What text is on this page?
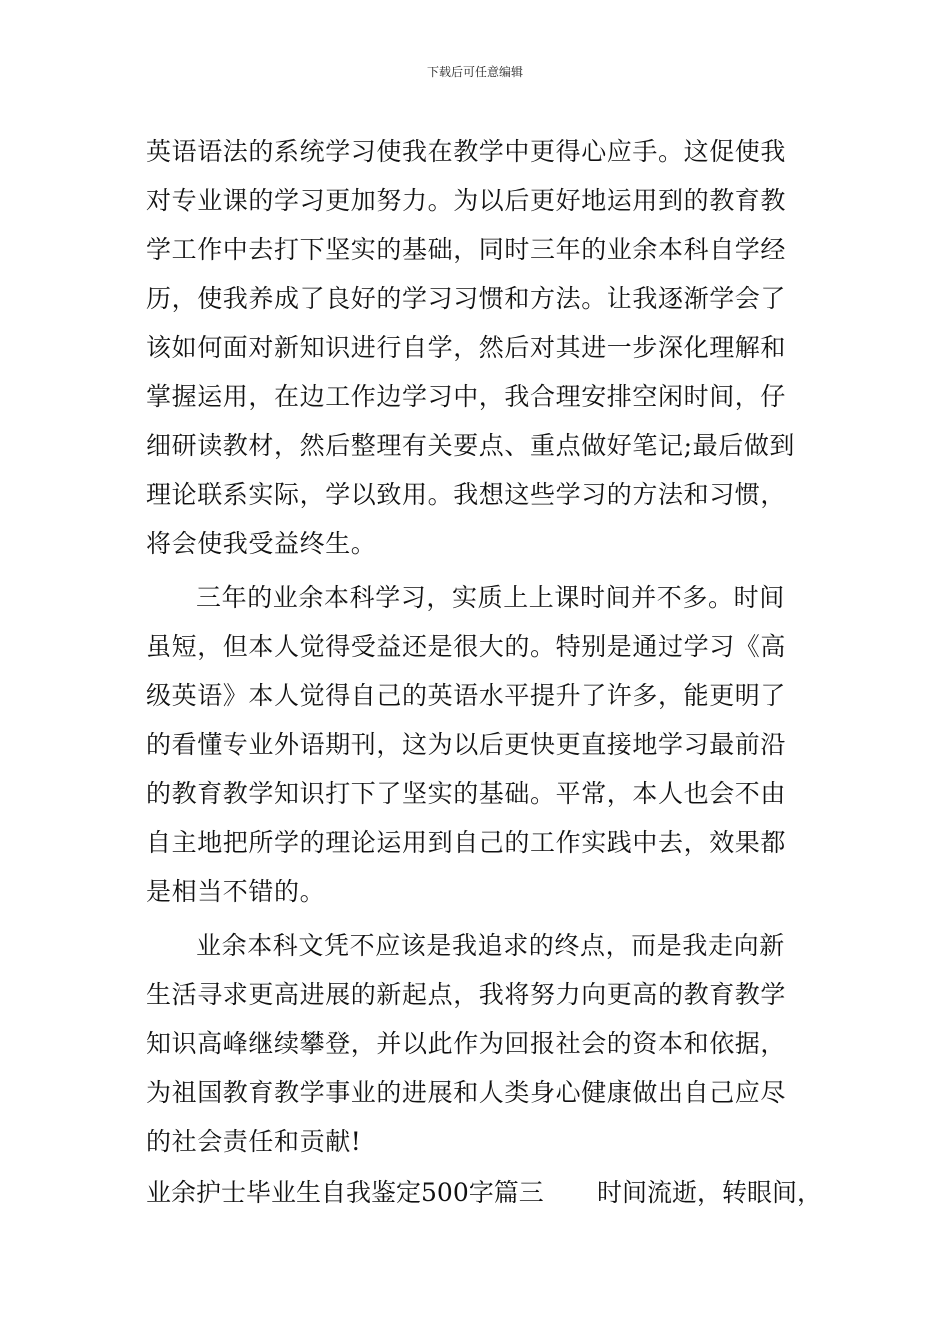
下载后可任意编辑
英语语法的系统学习使我在教学中更得心应手。这促使我
对专业课的学习更加努力。为以后更好地运用到的教育教
学工作中去打下坚实的基础，同时三年的业余本科自学经
历，使我养成了良好的学习习惯和方法。让我逐渐学会了
该如何面对新知识进行自学，然后对其进一步深化理解和
掌握运用，在边工作边学习中，我合理安排空闲时间，仔
细研读教材，然后整理有关要点、重点做好笔记;最后做到
理论联系实际，学以致用。我想这些学习的方法和习惯，
将会使我受益终生。
三年的业余本科学习，实质上上课时间并不多。时间
虽短，但本人觉得受益还是很大的。特别是通过学习《高
级英语》本人觉得自己的英语水平提升了许多，能更明了
的看懂专业外语期刊，这为以后更快更直接地学习最前沿
的教育教学知识打下了坚实的基础。平常，本人也会不由
自主地把所学的理论运用到自己的工作实践中去，效果都
是相当不错的。
业余本科文凭不应该是我追求的终点，而是我走向新
生活寻求更高进展的新起点，我将努力向更高的教育教学
知识高峰继续攀登，并以此作为回报社会的资本和依据，
为祖国教育教学事业的进展和人类身心健康做出自己应尽
的社会责任和贡献!
业余护士毕业生自我鉴定500字篇三 时间流逝，转眼间，
